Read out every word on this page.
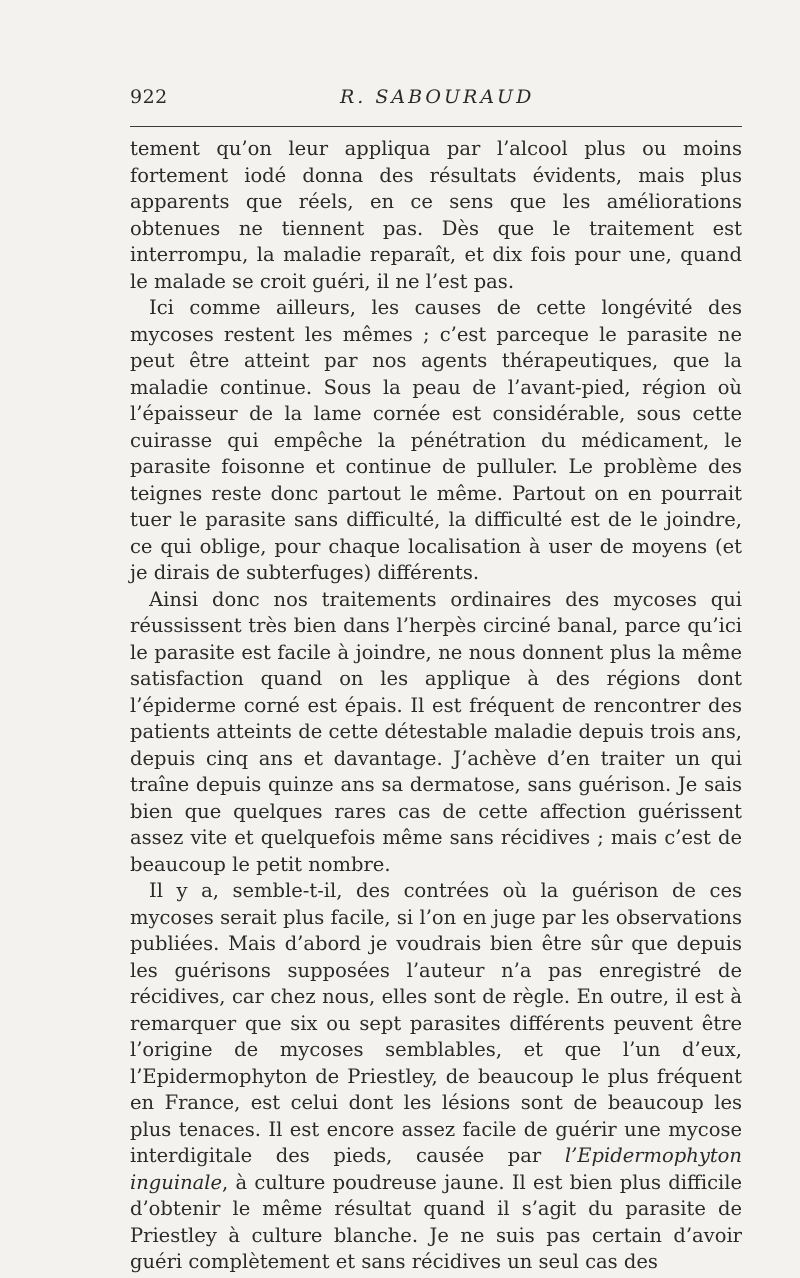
922	R. SABOURAUD

tement qu’on leur appliqua par l’alcool plus ou moins fortement iodé donna des résultats évidents, mais plus apparents que réels, en ce sens que les améliorations obtenues ne tiennent pas. Dès que le traitement est interrompu, la maladie reparaît, et dix fois pour une, quand le malade se croit guéri, il ne l’est pas.

Ici comme ailleurs, les causes de cette longévité des mycoses restent les mêmes ; c’est parceque le parasite ne peut être atteint par nos agents thérapeutiques, que la maladie continue. Sous la peau de l’avant-pied, région où l’épaisseur de la lame cornée est considérable, sous cette cuirasse qui empêche la pénétration du médicament, le parasite foisonne et continue de pulluler. Le problème des teignes reste donc partout le même. Partout on en pourrait tuer le parasite sans difficulté, la difficulté est de le joindre, ce qui oblige, pour chaque localisation à user de moyens (et je dirais de subterfuges) différents.

Ainsi donc nos traitements ordinaires des mycoses qui réussissent très bien dans l’herpès circiné banal, parce qu’ici le parasite est facile à joindre, ne nous donnent plus la même satisfaction quand on les applique à des régions dont l’épiderme corné est épais. Il est fréquent de rencontrer des patients atteints de cette détestable maladie depuis trois ans, depuis cinq ans et davantage. J’achève d’en traiter un qui traîne depuis quinze ans sa dermatose, sans guérison. Je sais bien que quelques rares cas de cette affection guérissent assez vite et quelquefois même sans récidives ; mais c’est de beaucoup le petit nombre.

Il y a, semble-t-il, des contrées où la guérison de ces mycoses serait plus facile, si l’on en juge par les observations publiées. Mais d’abord je voudrais bien être sûr que depuis les guérisons supposées l’auteur n’a pas enregistré de récidives, car chez nous, elles sont de règle. En outre, il est à remarquer que six ou sept parasites différents peuvent être l’origine de mycoses semblables, et que l’un d’eux, l’Epidermophyton de Priestley, de beaucoup le plus fréquent en France, est celui dont les lésions sont de beaucoup les plus tenaces. Il est encore assez facile de guérir une mycose interdigitale des pieds, causée par l’Epidermophyton inguinale, à culture poudreuse jaune. Il est bien plus difficile d’obtenir le même résultat quand il s’agit du parasite de Priestley à culture blanche. Je ne suis pas certain d’avoir guéri complètement et sans récidives un seul cas des
